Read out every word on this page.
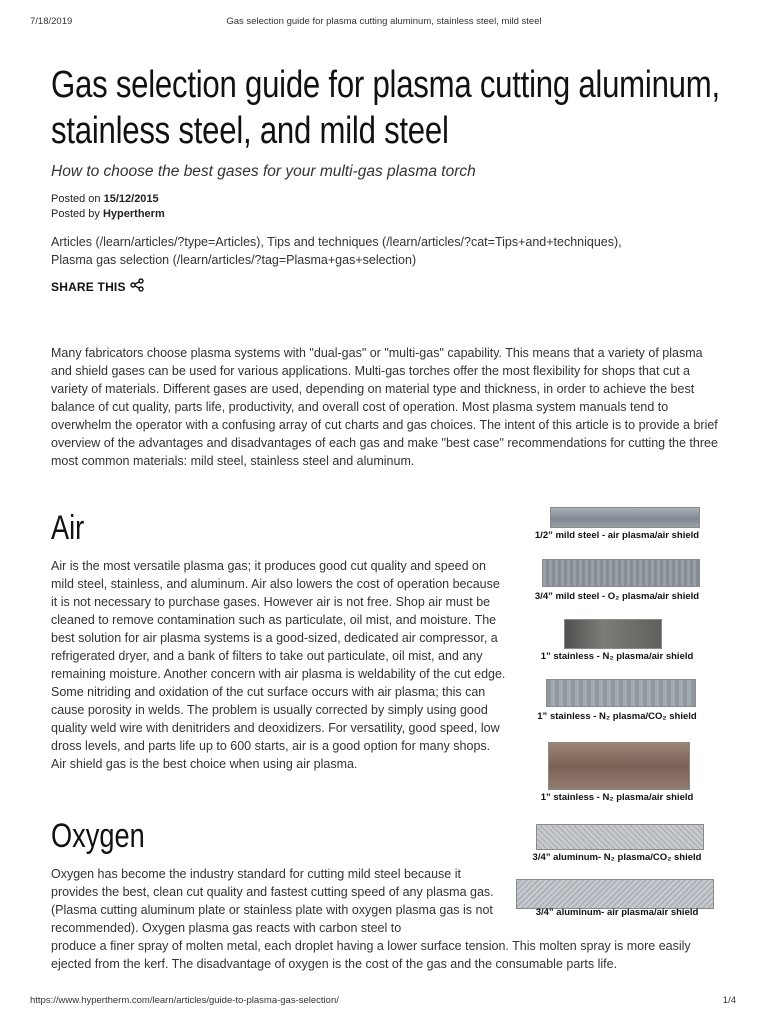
7/18/2019	Gas selection guide for plasma cutting aluminum, stainless steel, mild steel
Gas selection guide for plasma cutting aluminum, stainless steel, and mild steel
How to choose the best gases for your multi-gas plasma torch
Posted on 15/12/2015
Posted by Hypertherm
Articles (/learn/articles/?type=Articles), Tips and techniques (/learn/articles/?cat=Tips+and+techniques),
Plasma gas selection (/learn/articles/?tag=Plasma+gas+selection)
SHARE THIS

Many fabricators choose plasma systems with "dual-gas" or "multi-gas" capability. This means that a variety of plasma and shield gases can be used for various applications. Multi-gas torches offer the most flexibility for shops that cut a variety of materials. Different gases are used, depending on material type and thickness, in order to achieve the best balance of cut quality, parts life, productivity, and overall cost of operation. Most plasma system manuals tend to overwhelm the operator with a confusing array of cut charts and gas choices. The intent of this article is to provide a brief overview of the advantages and disadvantages of each gas and make "best case" recommendations for cutting the three most common materials: mild steel, stainless steel and aluminum.

Air

Air is the most versatile plasma gas; it produces good cut quality and speed on mild steel, stainless, and aluminum. Air also lowers the cost of operation because it is not necessary to purchase gases. However air is not free. Shop air must be cleaned to remove contamination such as particulate, oil mist, and moisture. The best solution for air plasma systems is a good-sized, dedicated air compressor, a refrigerated dryer, and a bank of filters to take out particulate, oil mist, and any remaining moisture. Another concern with air plasma is weldability of the cut edge. Some nitriding and oxidation of the cut surface occurs with air plasma; this can cause porosity in welds. The problem is usually corrected by simply using good quality weld wire with denitriders and deoxidizers. For versatility, good speed, low dross levels, and parts life up to 600 starts, air is a good option for many shops. Air shield gas is the best choice when using air plasma.

Oxygen

Oxygen has become the industry standard for cutting mild steel because it provides the best, clean cut quality and fastest cutting speed of any plasma gas. (Plasma cutting aluminum plate or stainless plate with oxygen plasma gas is not recommended). Oxygen plasma gas reacts with carbon steel to
produce a finer spray of molten metal, each droplet having a lower surface tension. This molten spray is more easily ejected from the kerf. The disadvantage of oxygen is the cost of the gas and the consumable parts life.

1/2” mild steel - air plasma/air shield
3/4” mild steel - O₂ plasma/air shield
1” stainless - N₂ plasma/air shield
1” stainless - N₂ plasma/CO₂ shield
1” stainless - N₂ plasma/air shield
3/4” aluminum- N₂ plasma/CO₂ shield
3/4” aluminum- air plasma/air shield
https://www.hypertherm.com/learn/articles/guide-to-plasma-gas-selection/	1/4
